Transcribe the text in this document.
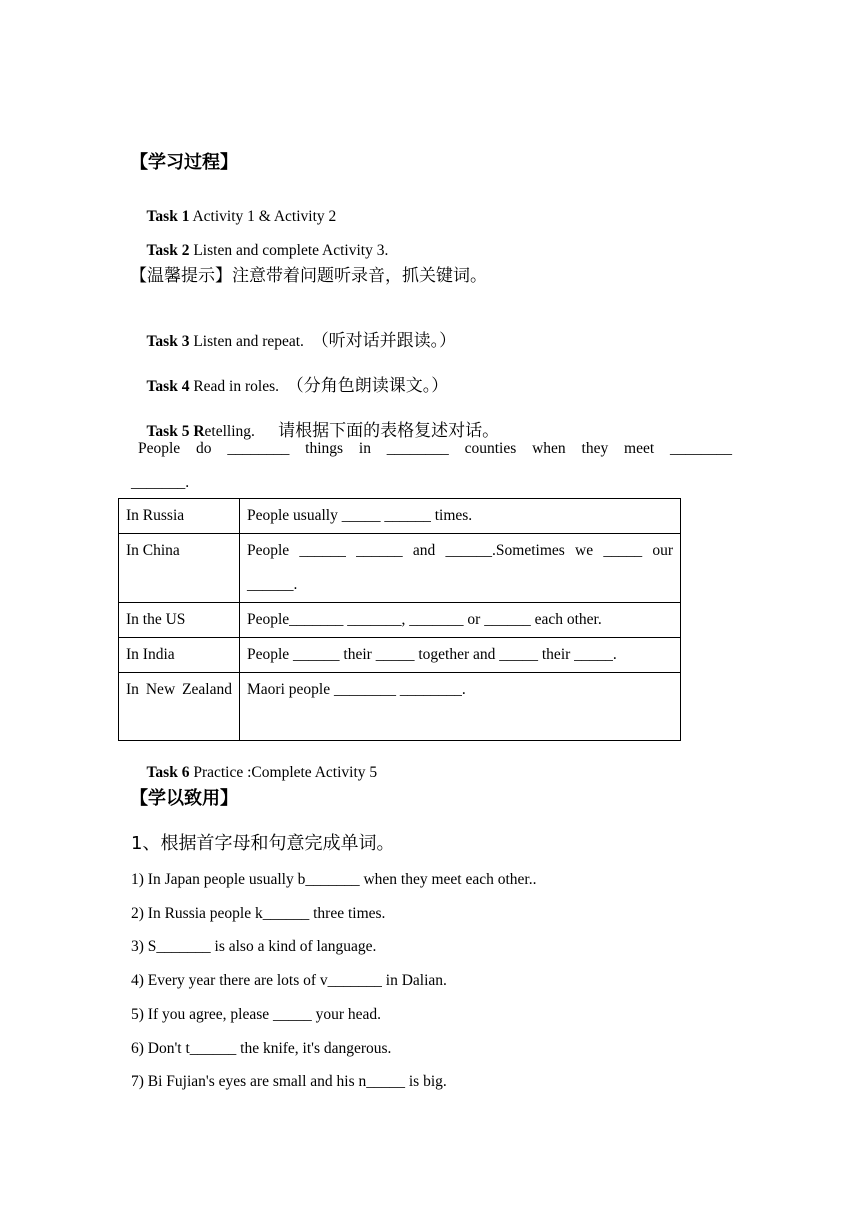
【学习过程】

Task 1 Activity 1 & Activity 2

Task 2 Listen and complete Activity 3.

【温馨提示】注意带着问题听录音，抓关键词。

Task 3 Listen and repeat.  （听对话并跟读。）

Task 4 Read in roles.  （分角色朗读课文。）

Task 5 Retelling.      请根据下面的表格复述对话。

People do ________ things in ________ counties when they meet ________
_______.
In Russia	People usually _____ ______ times.
In China	People ______ ______ and ______.Sometimes we _____ our ______.
In the US	People_______ _______, _______ or ______ each other.
In India	People ______ their _____ together and _____ their _____.
In New Zealand	Maori people ________ ________.

Task 6 Practice :Complete Activity 5

【学以致用】
1、根据首字母和句意完成单词。
1) In Japan people usually b_______ when they meet each other..
2) In Russia people k______ three times.
3) S_______ is also a kind of language.
4) Every year there are lots of v_______ in Dalian.
5) If you agree, please _____ your head.
6) Don't t______ the knife, it's dangerous.
7) Bi Fujian's eyes are small and his n_____ is big.
